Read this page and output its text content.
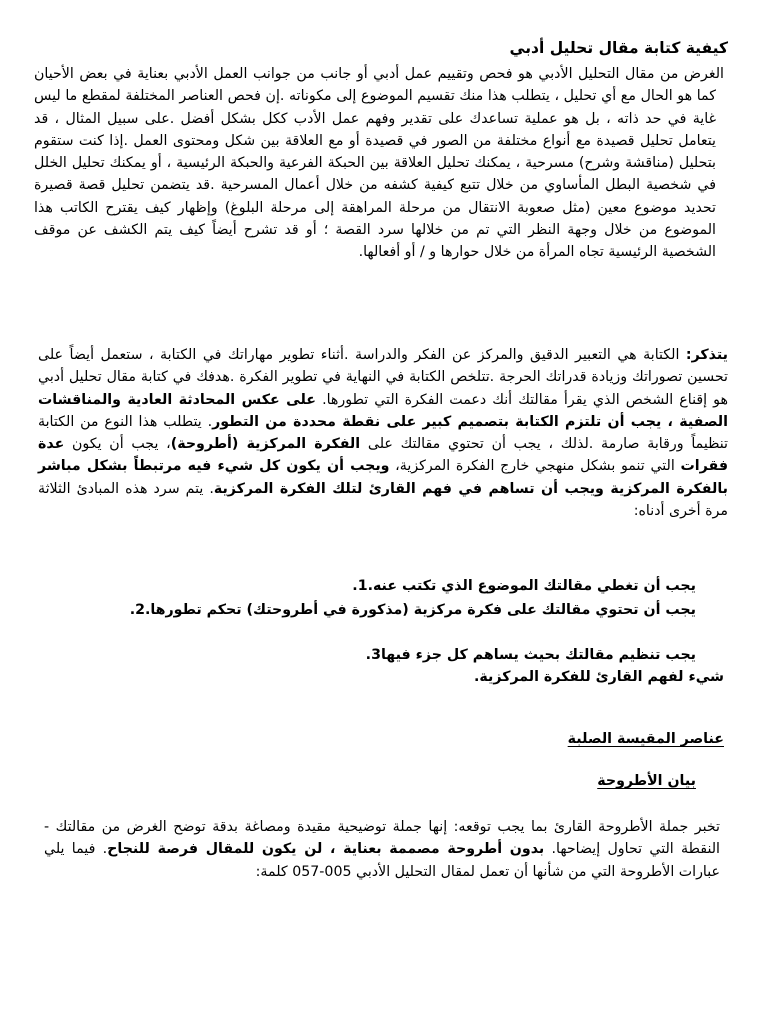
كيفية كتابة مقال تحليل أدبي
الغرض من مقال التحليل الأدبي هو فحص وتقييم عمل أدبي أو جانب من جوانب العمل الأدبي بعناية في بعض الأحيان كما هو الحال مع أي تحليل ، يتطلب هذا منك تقسيم الموضوع إلى مكوناته .إن فحص العناصر المختلفة لمقطع ما ليس غاية في حد ذاته ، بل هو عملية تساعدك على تقدير وفهم عمل الأدب ككل بشكل أفضل .على سبيل المثال ، قد يتعامل تحليل قصيدة مع أنواع مختلفة من الصور في قصيدة أو مع العلاقة بين شكل ومحتوى العمل .إذا كنت ستقوم بتحليل (مناقشة وشرح) مسرحية ، يمكنك تحليل العلاقة بين الحبكة الفرعية والحبكة الرئيسية ، أو يمكنك تحليل الخلل في شخصية البطل المأساوي من خلال تتبع كيفية كشفه من خلال أعمال المسرحية .قد يتضمن تحليل قصة قصيرة تحديد موضوع معين (مثل صعوبة الانتقال من مرحلة المراهقة إلى مرحلة البلوغ) وإظهار كيف يقترح الكاتب هذا الموضوع من خلال وجهة النظر التي تم من خلالها سرد القصة ؛ أو قد تشرح أيضاً كيف يتم الكشف عن موقف الشخصية الرئيسية تجاه المرأة من خلال حوارها و / أو أفعالها.
يتذكر: الكتابة هي التعبير الدقيق والمركز عن الفكر والدراسة .أثناء تطوير مهاراتك في الكتابة ، ستعمل أيضاً على تحسين تصوراتك وزيادة قدراتك الحرجة .تتلخص الكتابة في النهاية في تطوير الفكرة .هدفك في كتابة مقال تحليل أدبي هو إقناع الشخص الذي يقرأ مقالتك أنك دعمت الفكرة التي تطورها. على عكس المحادثة العادية والمناقشات الصفية ، يجب أن تلتزم الكتابة بتصميم كبير على نقطة محددة من التطور. يتطلب هذا النوع من الكتابة تنظيماً ورقابة صارمة .لذلك ، يجب أن تحتوي مقالتك على الفكرة المركزية (أطروحة)، يجب أن يكون عدة فقرات التي تنمو بشكل منهجي خارج الفكرة المركزية، ويجب أن يكون كل شيء فيه مرتبطاً بشكل مباشر بالفكرة المركزية ويجب أن تساهم في فهم القارئ لتلك الفكرة المركزية. يتم سرد هذه المبادئ الثلاثة مرة أخرى أدناه:
يجب أن تغطي مقالتك الموضوع الذي تكتب عنه.1.
يجب أن تحتوي مقالتك على فكرة مركزية (مذكورة في أطروحتك) تحكم تطورها.2.
يجب تنظيم مقالتك بحيث يساهم كل جزء فيها3.
شيء لفهم القارئ للفكرة المركزية.
عناصر المقيسة الصلبة
بيان الأطروحة
تخبر جملة الأطروحة القارئ بما يجب توقعه: إنها جملة توضيحية مقيدة ومصاغة بدقة توضح الغرض من مقالتك - النقطة التي تحاول إيضاحها. بدون أطروحة مصممة بعناية ، لن يكون للمقال فرصة للنجاح. فيما يلي عبارات الأطروحة التي من شأنها أن تعمل لمقال التحليل الأدبي 005-057 كلمة:
